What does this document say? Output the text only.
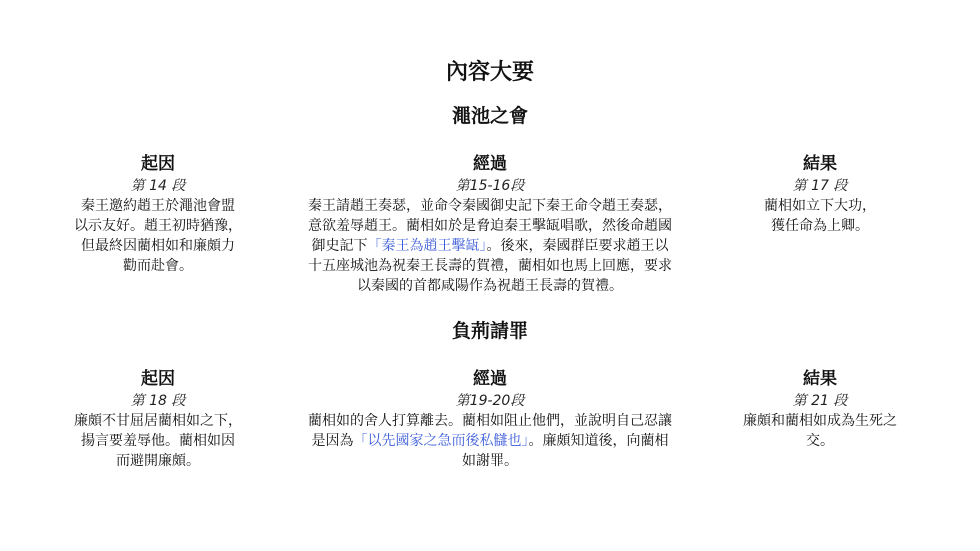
內容大要
澠池之會
起因
第 14 段
秦王邀約趙王於澠池會盟
以示友好。趙王初時猶豫，
但最終因藺相如和廉頗力
勸而赴會。
經過
第15-16段
秦王請趙王奏瑟，並命令秦國御史記下秦王命令趙王奏瑟，
意欲羞辱趙王。藺相如於是脅迫秦王擊缻唱歌，然後命趙國
御史記下「秦王為趙王擊缻」。後來，秦國群臣要求趙王以
十五座城池為祝秦王長壽的賀禮，藺相如也馬上回應，要求
以秦國的首都咸陽作為祝趙王長壽的賀禮。
結果
第 17 段
藺相如立下大功，
獲任命為上卿。
負荊請罪
起因
第 18 段
廉頗不甘屈居藺相如之下，
揚言要羞辱他。藺相如因
而避開廉頗。
經過
第19-20段
藺相如的舍人打算離去。藺相如阻止他們，並說明自己忍讓
是因為「以先國家之急而後私讎也」。廉頗知道後，向藺相
如謝罪。
結果
第 21 段
廉頗和藺相如成為生死之
交。
